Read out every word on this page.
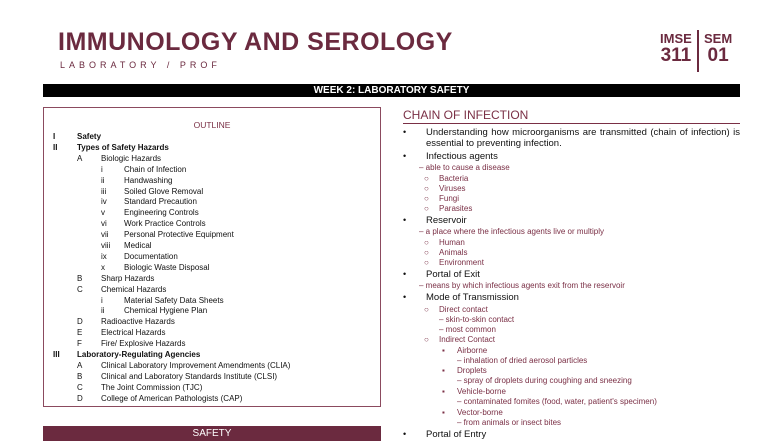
IMMUNOLOGY AND SEROLOGY
LABORATORY / PROF
IMSE
311
SEM
01
WEEK 2: LABORATORY SAFETY
OUTLINE
I	Safety
II Types of Safety Hazards
A Biologic Hazards
i	Chain of Infection
ii Handwashing
iii Soiled Glove Removal
iv Standard Precaution
v Engineering Controls
vi Work Practice Controls
vii Personal Protective Equipment
viii Medical
ix Documentation
x Biologic Waste Disposal
B Sharp Hazards
C Chemical Hazards
i	Material Safety Data Sheets
ii Chemical Hygiene Plan
D Radioactive Hazards
E Electrical Hazards
F Fire/ Explosive Hazards
III Laboratory-Regulating Agencies
A Clinical Laboratory Improvement Amendments (CLIA)
B Clinical and Laboratory Standards Institute (CLSI)
C The Joint Commission (TJC)
D College of American Pathologists (CAP)
SAFETY
CHAIN OF INFECTION
• Understanding how microorganisms are transmitted (chain of infection) is essential to preventing infection.
• Infectious agents
– able to cause a disease
○ Bacteria
○ Viruses
○ Fungi
○ Parasites
• Reservoir
– a place where the infectious agents live or multiply
○ Human
○ Animals
○ Environment
• Portal of Exit
– means by which infectious agents exit from the reservoir
• Mode of Transmission
○ Direct contact
– skin-to-skin contact
– most common
○ Indirect Contact
▪ Airborne
– inhalation of dried aerosol particles
▪ Droplets
– spray of droplets during coughing and sneezing
▪ Vehicle-borne
– contaminated fomites (food, water, patient's specimen)
▪ Vector-borne
– from animals or insect bites
• Portal of Entry
